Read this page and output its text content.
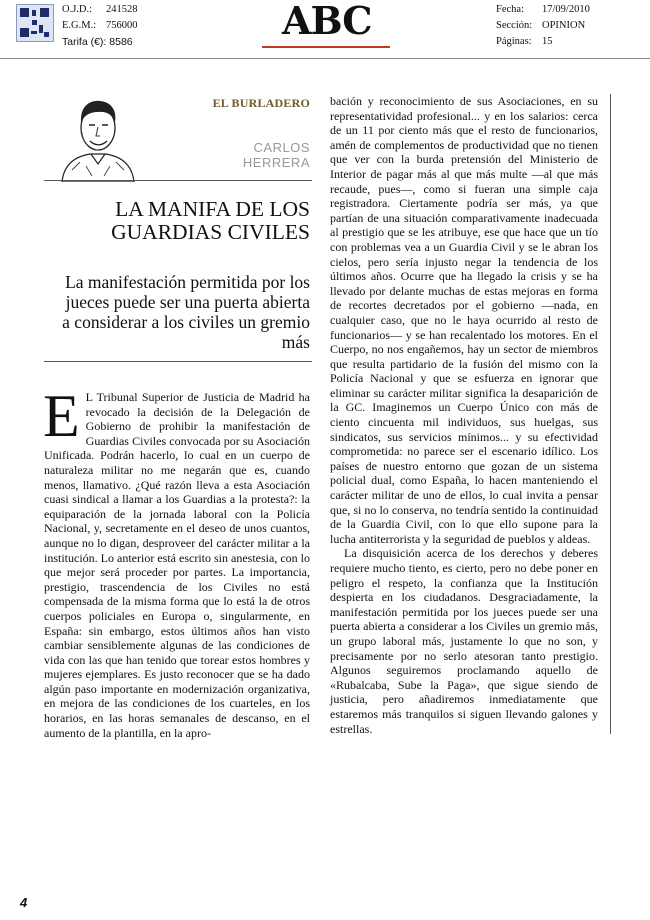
O.J.D.: 241528
E.G.M.: 756000
Tarifa (€): 8586	ABC	Fecha: 17/09/2010
Sección: OPINION
Páginas: 15
EL BURLADERO
CARLOS
HERRERA
LA MANIFA DE LOS GUARDIAS CIVILES
La manifestación permitida por los jueces puede ser una puerta abierta a considerar a los civiles un gremio más
E L Tribunal Superior de Justicia de Madrid ha revocado la decisión de la Delegación de Gobierno de prohibir la manifestación de Guardias Civiles convocada por su Asociación Unificada. Podrán hacerlo, lo cual en un cuerpo de naturaleza militar no me negarán que es, cuando menos, llamativo. ¿Qué razón lleva a esta Asociación cuasi sindical a llamar a los Guardias a la protesta?: la equiparación de la jornada laboral con la Policía Nacional, y, secretamente en el deseo de unos cuantos, aunque no lo digan, desproveer del carácter militar a la institución. Lo anterior está escrito sin anestesia, con lo que mejor será proceder por partes. La importancia, prestigio, trascendencia de los Civiles no está compensada de la misma forma que lo está la de otros cuerpos policiales en Europa o, singularmente, en España: sin embargo, estos últimos años han visto cambiar sensiblemente algunas de las condiciones de vida con las que han tenido que torear estos hombres y mujeres ejemplares. Es justo reconocer que se ha dado algún paso importante en modernización organizativa, en mejora de las condiciones de los cuarteles, en los horarios, en las horas semanales de descanso, en el aumento de la plantilla, en la apro-

bación y reconocimiento de sus Asociaciones, en su representatividad profesional... y en los salarios: cerca de un 11 por ciento más que el resto de funcionarios, amén de complementos de productividad que no tienen que ver con la burda pretensión del Ministerio de Interior de pagar más al que más multe —al que más recaude, pues—, como si fueran una simple caja registradora. Ciertamente podría ser más, ya que partían de una situación comparativamente inadecuada al prestigio que se les atribuye, ese que hace que un tío con problemas vea a un Guardia Civil y se le abran los cielos, pero sería injusto negar la tendencia de los últimos años. Ocurre que ha llegado la crisis y se ha llevado por delante muchas de estas mejoras en forma de recortes decretados por el gobierno —nada, en cualquier caso, que no le haya ocurrido al resto de funcionarios— y se han recalentado los motores. En el Cuerpo, no nos engañemos, hay un sector de miembros que resulta partidario de la fusión del mismo con la Policía Nacional y que se esfuerza en ignorar que eliminar su carácter militar significa la desaparición de la GC. Imaginemos un Cuerpo Único con más de ciento cincuenta mil individuos, sus huelgas, sus sindicatos, sus servicios mínimos... y su efectividad comprometida: no parece ser el escenario idílico. Los países de nuestro entorno que gozan de un sistema policial dual, como España, lo hacen manteniendo el carácter militar de uno de ellos, lo cual invita a pensar que, si no lo conserva, no tendría sentido la continuidad de la Guardia Civil, con lo que ello supone para la lucha antiterrorista y la seguridad de pueblos y aldeas.

La disquisición acerca de los derechos y deberes requiere mucho tiento, es cierto, pero no debe poner en peligro el respeto, la confianza que la Institución despierta en los ciudadanos. Desgraciadamente, la manifestación permitida por los jueces puede ser una puerta abierta a considerar a los Civiles un gremio más, un grupo laboral más, justamente lo que no son, y precisamente por no serlo atesoran tanto prestigio. Algunos seguiremos proclamando aquello de «Rubalcaba, Sube la Paga», que sigue siendo de justicia, pero añadiremos inmediatamente que estaremos más tranquilos si siguen llevando galones y estrellas.

4
